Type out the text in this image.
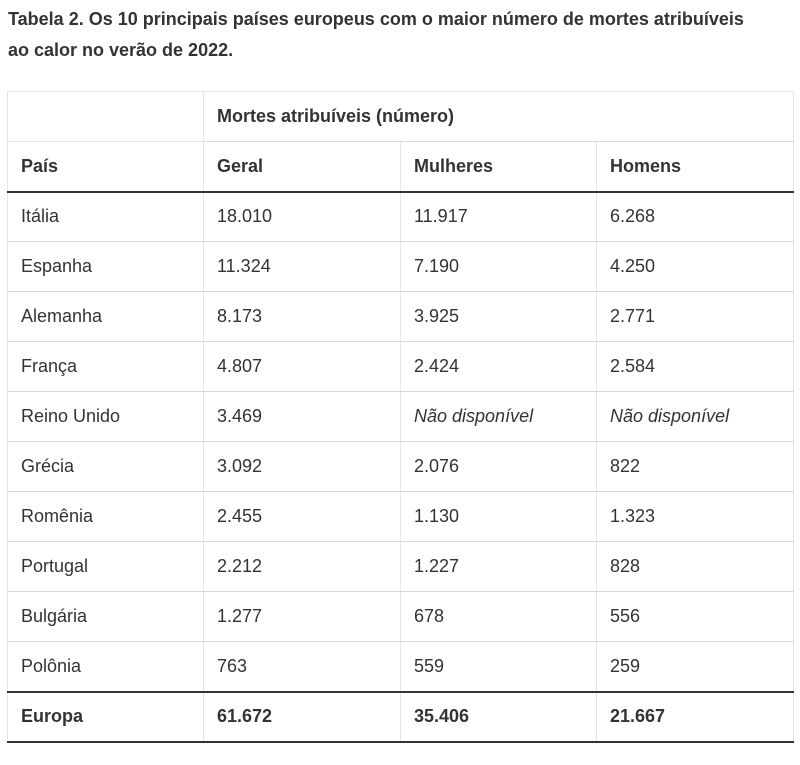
Tabela 2. Os 10 principais países europeus com o maior número de mortes atribuíveis ao calor no verão de 2022.
	Mortes atribuíveis (número)		
País	Geral	Mulheres	Homens
Itália	18.010	11.917	6.268
Espanha	11.324	7.190	4.250
Alemanha	8.173	3.925	2.771
França	4.807	2.424	2.584
Reino Unido	3.469	Não disponível	Não disponível
Grécia	3.092	2.076	822
Romênia	2.455	1.130	1.323
Portugal	2.212	1.227	828
Bulgária	1.277	678	556
Polônia	763	559	259
Europa	61.672	35.406	21.667
